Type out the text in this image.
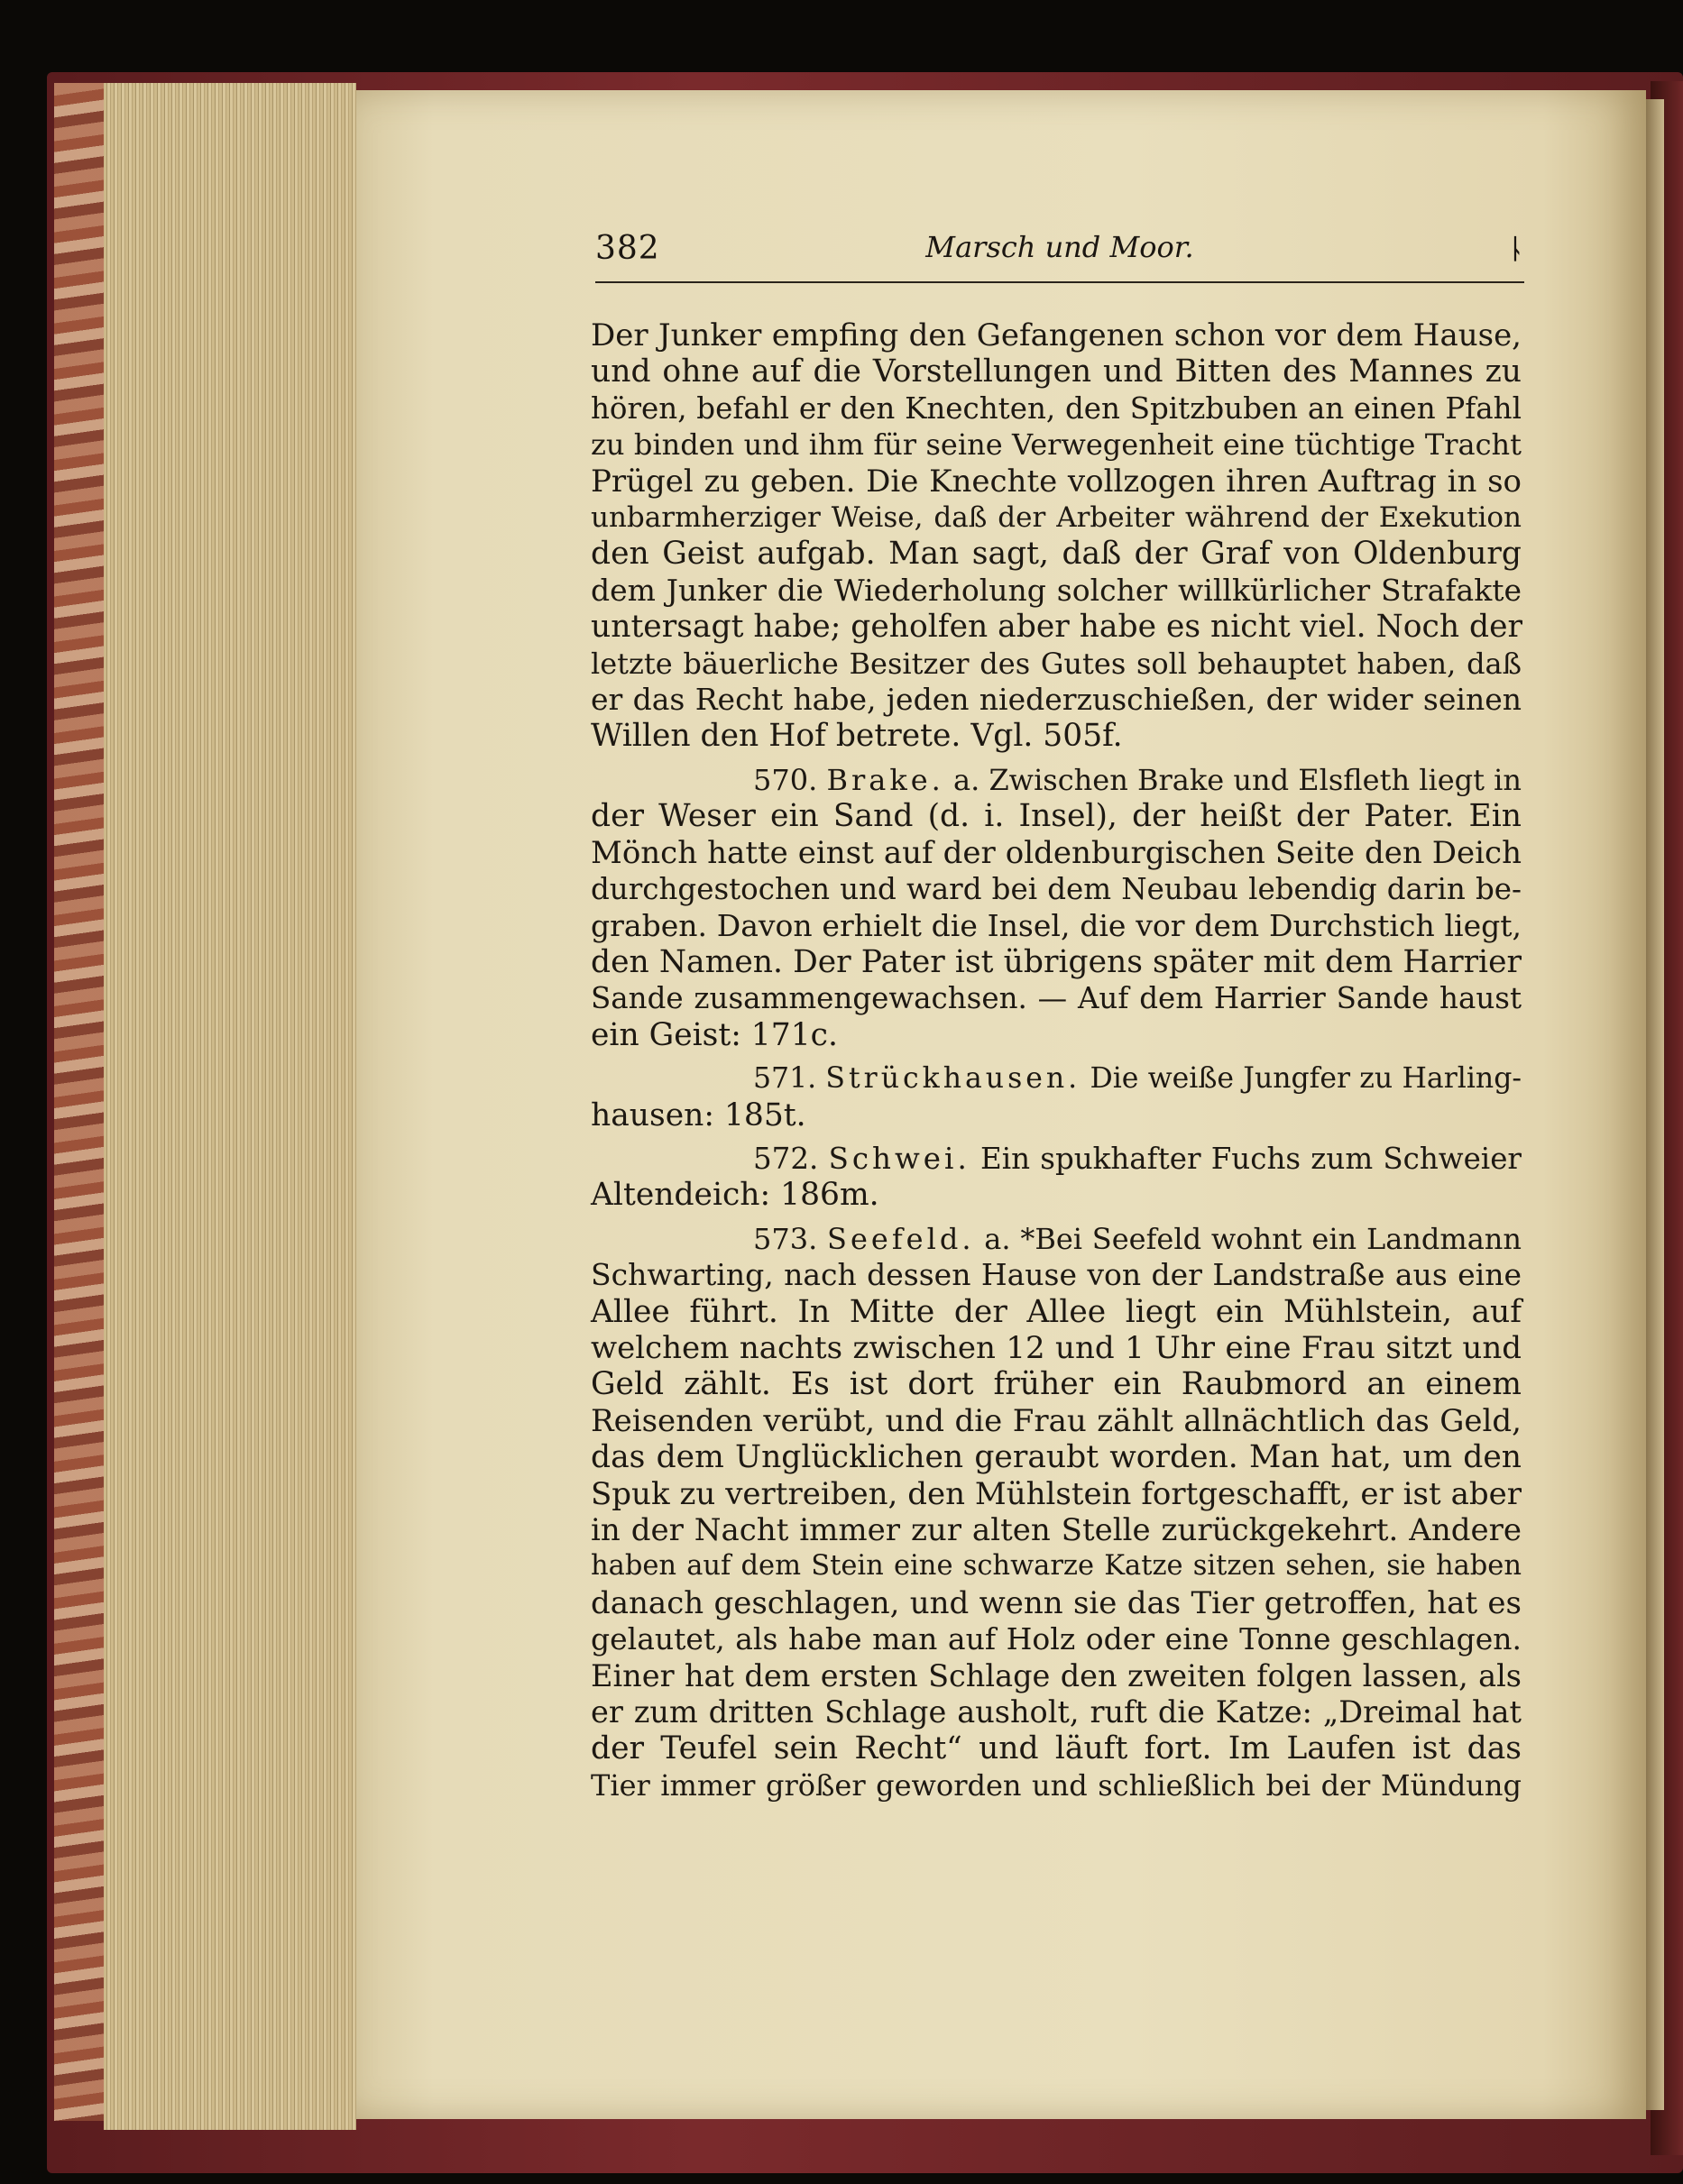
382	Marsch und Moor.	ᚿ
Der Junker empfing den Gefangenen schon vor dem Hause,
und ohne auf die Vorstellungen und Bitten des Mannes zu
hören, befahl er den Knechten, den Spitzbuben an einen Pfahl
zu binden und ihm für seine Verwegenheit eine tüchtige Tracht
Prügel zu geben. Die Knechte vollzogen ihren Auftrag in so
unbarmherziger Weise, daß der Arbeiter während der Exekution
den Geist aufgab. Man sagt, daß der Graf von Oldenburg
dem Junker die Wiederholung solcher willkürlicher Strafakte
untersagt habe; geholfen aber habe es nicht viel. Noch der
letzte bäuerliche Besitzer des Gutes soll behauptet haben, daß
er das Recht habe, jeden niederzuschießen, der wider seinen
Willen den Hof betrete. Vgl. 505f.
570. Brake. a. Zwischen Brake und Elsfleth liegt in
der Weser ein Sand (d. i. Insel), der heißt der Pater. Ein
Mönch hatte einst auf der oldenburgischen Seite den Deich
durchgestochen und ward bei dem Neubau lebendig darin be-
graben. Davon erhielt die Insel, die vor dem Durchstich liegt,
den Namen. Der Pater ist übrigens später mit dem Harrier
Sande zusammengewachsen. — Auf dem Harrier Sande haust
ein Geist: 171c.
571. Strückhausen. Die weiße Jungfer zu Harling-
hausen: 185t.
572. Schwei. Ein spukhafter Fuchs zum Schweier
Altendeich: 186m.
573. Seefeld. a. *Bei Seefeld wohnt ein Landmann
Schwarting, nach dessen Hause von der Landstraße aus eine
Allee führt. In Mitte der Allee liegt ein Mühlstein, auf
welchem nachts zwischen 12 und 1 Uhr eine Frau sitzt und
Geld zählt. Es ist dort früher ein Raubmord an einem
Reisenden verübt, und die Frau zählt allnächtlich das Geld,
das dem Unglücklichen geraubt worden. Man hat, um den
Spuk zu vertreiben, den Mühlstein fortgeschafft, er ist aber
in der Nacht immer zur alten Stelle zurückgekehrt. Andere
haben auf dem Stein eine schwarze Katze sitzen sehen, sie haben
danach geschlagen, und wenn sie das Tier getroffen, hat es
gelautet, als habe man auf Holz oder eine Tonne geschlagen.
Einer hat dem ersten Schlage den zweiten folgen lassen, als
er zum dritten Schlage ausholt, ruft die Katze: „Dreimal hat
der Teufel sein Recht“ und läuft fort. Im Laufen ist das
Tier immer größer geworden und schließlich bei der Mündung
